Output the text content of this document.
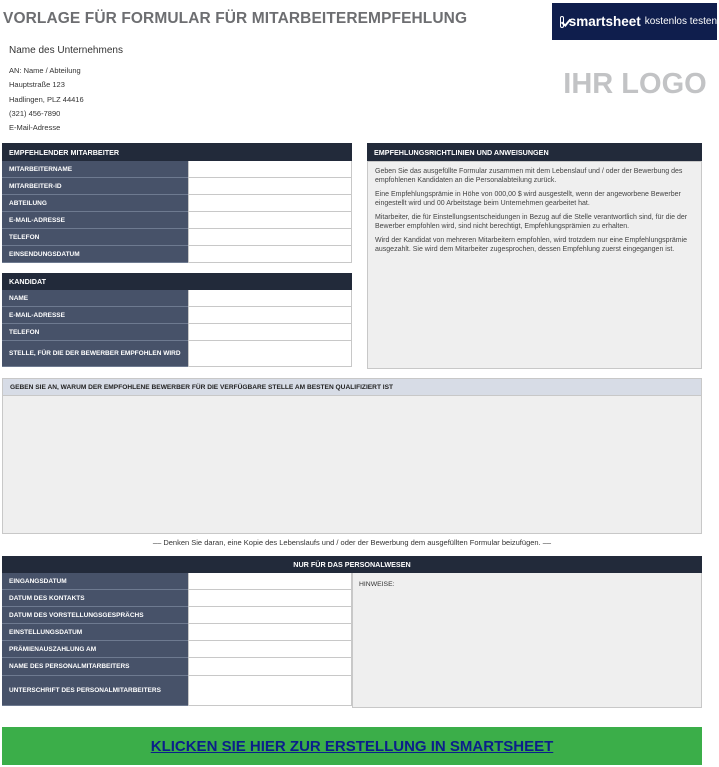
VORLAGE FÜR FORMULAR FÜR MITARBEITEREMPFEHLUNG	smartsheet kostenlos testen
Name des Unternehmens
AN: Name / Abteilung
Hauptstraße 123
Hadlingen, PLZ 44416
(321) 456-7890
E-Mail-Adresse
IHR LOGO
EMPFEHLENDER MITARBEITER
MITARBEITERNAME
MITARBEITER-ID
ABTEILUNG
E-MAIL-ADRESSE
TELEFON
EINSENDUNGSDATUM
KANDIDAT
NAME
E-MAIL-ADRESSE
TELEFON
STELLE, FÜR DIE DER BEWERBER EMPFOHLEN WIRD
EMPFEHLUNGSRICHTLINIEN UND ANWEISUNGEN

Geben Sie das ausgefüllte Formular zusammen mit dem Lebenslauf und / oder der Bewerbung des empfohlenen Kandidaten an die Personalabteilung zurück.

Eine Empfehlungsprämie in Höhe von 000,00 $ wird ausgestellt, wenn der angeworbene Bewerber eingestellt wird und 00 Arbeitstage beim Unternehmen gearbeitet hat.

Mitarbeiter, die für Einstellungsentscheidungen in Bezug auf die Stelle verantwortlich sind, für die der Bewerber empfohlen wird, sind nicht berechtigt, Empfehlungsprämien zu erhalten.

Wird der Kandidat von mehreren Mitarbeitern empfohlen, wird trotzdem nur eine Empfehlungsprämie ausgezahlt. Sie wird dem Mitarbeiter zugesprochen, dessen Empfehlung zuerst eingegangen ist.

GEBEN SIE AN, WARUM DER EMPFOHLENE BEWERBER FÜR DIE VERFÜGBARE STELLE AM BESTEN QUALIFIZIERT IST
–– Denken Sie daran, eine Kopie des Lebenslaufs und / oder der Bewerbung dem ausgefüllten Formular beizufügen. ––
NUR FÜR DAS PERSONALWESEN
EINGANGSDATUM
DATUM DES KONTAKTS
DATUM DES VORSTELLUNGSGESPRÄCHS
EINSTELLUNGSDATUM
PRÄMIENAUSZAHLUNG AM
NAME DES PERSONALMITARBEITERS
UNTERSCHRIFT DES PERSONALMITARBEITERS
HINWEISE:
KLICKEN SIE HIER ZUR ERSTELLUNG IN SMARTSHEET
